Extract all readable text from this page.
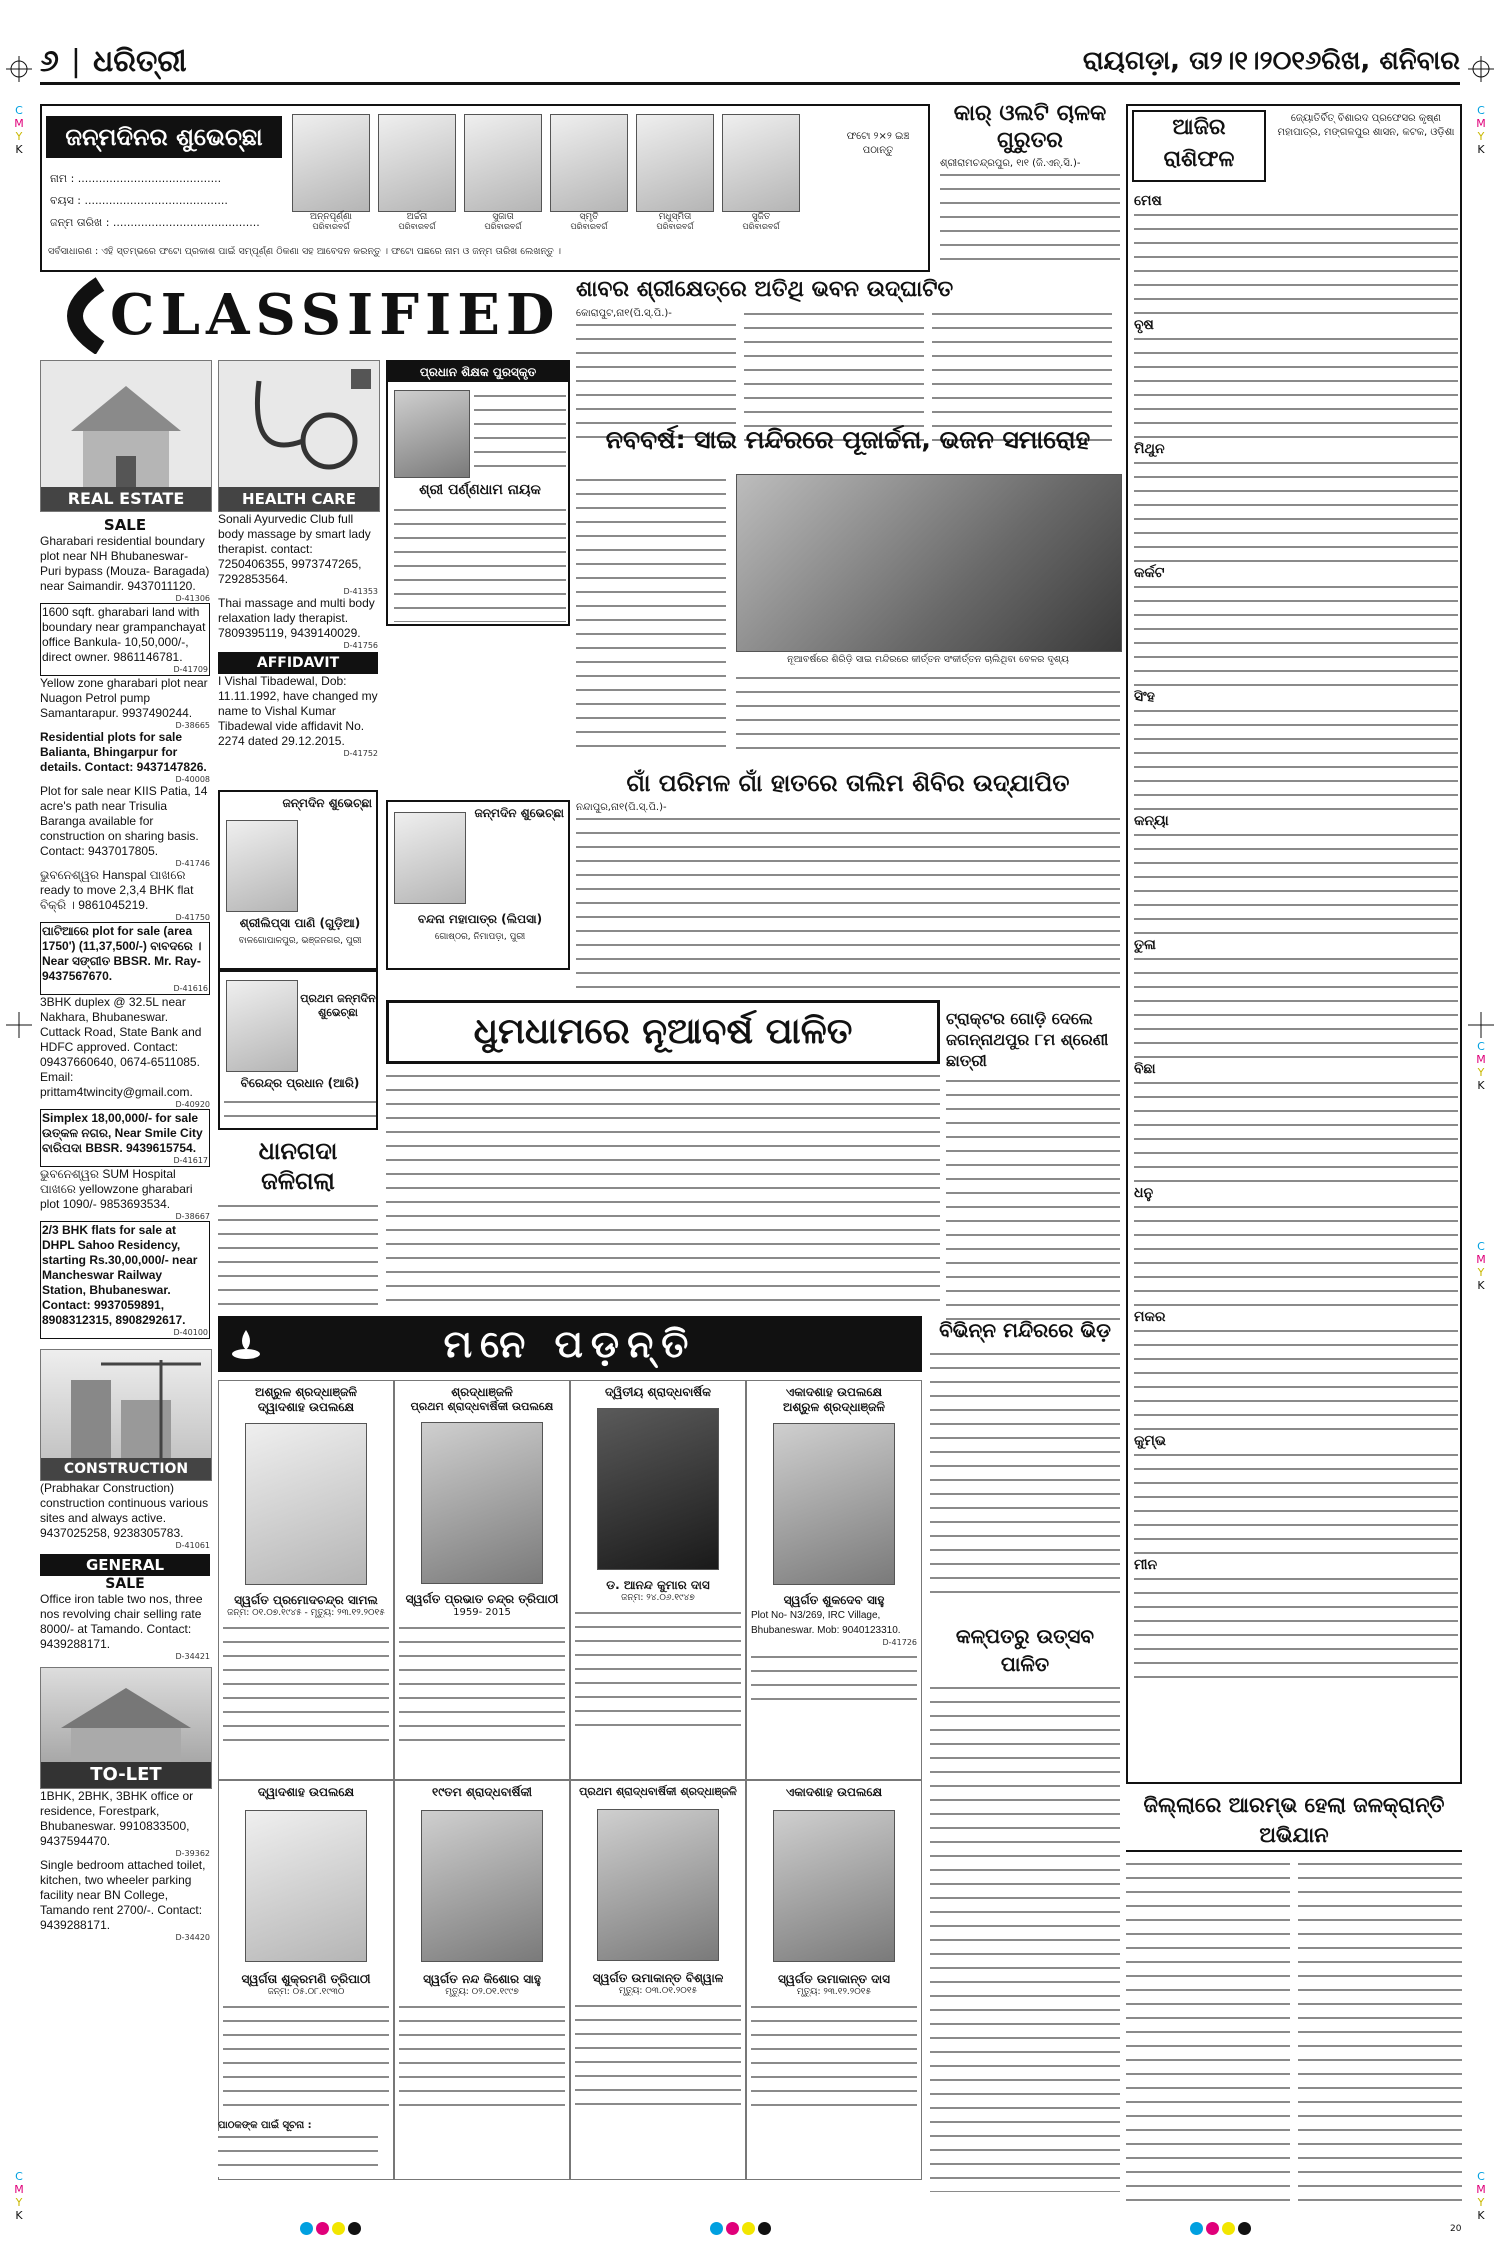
୬ | ଧରିତ୍ରୀ	ରାୟଗଡ଼ା, ତା୨।୧।୨୦୧୬ରିଖ, ଶନିବାର
C
M
Y
K
C
M
Y
K
C
M
Y
K
C
M
Y
K
C
M
Y
K
C
M
Y
K
ଜନ୍ମଦିନର ଶୁଭେଚ୍ଛା
ନାମ : .........................................
ବୟସ : .........................................
ଜନ୍ମ ତାରିଖ : ..........................................	ଅନ୍ନପୂର୍ଣ୍ଣା
ପରିବାରବର୍ଗ
ଅର୍ଚ୍ଚନା
ପରିବାରବର୍ଗ
ସୁଜାତା
ପରିବାରବର୍ଗ
ସ୍ମୃତି
ପରିବାରବର୍ଗ
ମଧୁସ୍ମିତା
ପରିବାରବର୍ଗ
ସୁଜିତ
ପରିବାରବର୍ଗ
ଫଟୋ ୨×୨ ଇଞ୍ଚ ପଠାନ୍ତୁ
ସର୍ବସାଧାରଣ : ଏହି ସ୍ତମ୍ଭରେ ଫଟୋ ପ୍ରକାଶ ପାଇଁ ସମ୍ପୂର୍ଣ୍ଣ ଠିକଣା ସହ ଆବେଦନ କରନ୍ତୁ । ଫଟୋ ପଛରେ ନାମ ଓ ଜନ୍ମ ତାରିଖ ଲେଖନ୍ତୁ ।
କାର୍ ଓଲଟି ଚାଳକ ଗୁରୁତର
ଶ୍ରୀରାମଚନ୍ଦ୍ରପୁର, ୧ା୧ (ଜି.ଏନ୍.ସି.)-
CLASSIFIED ଶାବର ଶ୍ରୀକ୍ଷେତ୍ରେ ଅତିଥି ଭବନ ଉଦ୍‌ଘାଟିତ
କୋରାପୁଟ,ନା୧(ପି.ସ୍.ପି.)-
ପ୍ରଧାନ ଶିକ୍ଷକ ପୁରସ୍କୃତ
ଶ୍ରୀ ପର୍ଣ୍ଣଧାମ ନାୟକ
REAL ESTATE
SALE
Gharabari residential boundary plot near NH Bhubaneswar- Puri bypass (Mouza- Baragada) near Saimandir. 9437011120.
D-41306
1600 sqft. gharabari land with boundary near grampanchayat office Bankula- 10,50,000/-, direct owner. 9861146781.
D-41709
Yellow zone gharabari plot near Nuagon Petrol pump Samantarapur. 9937490244.
D-38665
Residential plots for sale Balianta, Bhingarpur for details. Contact: 9437147826.
D-40008
Plot for sale near KIIS Patia, 14 acre's path near Trisulia Baranga available for construction on sharing basis. Contact: 9437017805.
D-41746
ଭୁବନେଶ୍ୱର Hanspal ପାଖରେ ready to move 2,3,4 BHK flat ବିକ୍ରି । 9861045219.
D-41750
ପାଟିଆରେ plot for sale (area 1750') (11,37,500/-) ବାବଦରେ । Near ସଙ୍ଗୀତ BBSR. Mr. Ray- 9437567670.
D-41616
3BHK duplex @ 32.5L near Nakhara, Bhubaneswar. Cuttack Road, State Bank and HDFC approved. Contact: 09437660640, 0674-6511085. Email: prittam4twincity@gmail.com.
D-40920
Simplex 18,00,000/- for sale ଉତ୍କଳ ନଗର, Near Smile City ବାରିପଦା BBSR. 9439615754.
D-41617
ଭୁବନେଶ୍ୱର SUM Hospital ପାଖରେ yellowzone gharabari plot 1090/- 9853693534.
D-38667
2/3 BHK flats for sale at DHPL Sahoo Residency, starting Rs.30,00,000/- near Mancheswar Railway Station, Bhubaneswar. Contact: 9937059891, 8908312315, 8908292617.
D-40100
CONSTRUCTION
(Prabhakar Construction) construction continuous various sites and always active. 9437025258, 9238305783.
D-41061
GENERAL
SALE
Office iron table two nos, three nos revolving chair selling rate 8000/- at Tamando. Contact: 9439288171.
D-34421
TO-LET
1BHK, 2BHK, 3BHK office or residence, Forestpark, Bhubaneswar. 9910833500, 9437594470.
D-39362
Single bedroom attached toilet, kitchen, two wheeler parking facility near BN College, Tamando rent 2700/-. Contact: 9439288171.
D-34420
HEALTH CARE
Sonali Ayurvedic Club full body massage by smart lady therapist. contact: 7250406355, 9973747265, 7292853564.
D-41353
Thai massage and multi body relaxation lady therapist. 7809395119, 9439140029.
D-41756
AFFIDAVIT
I Vishal Tibadewal, Dob: 11.11.1992, have changed my name to Vishal Kumar Tibadewal vide affidavit No. 2274 dated 29.12.2015.
D-41752
ଜନ୍ମଦିନ ଶୁଭେଚ୍ଛା
ଶ୍ରୀଲିପ୍ସା ପାଣି (ଗୁଡ଼ିଆ)
ବାଳଗୋପାଳପୁର, ଭଞ୍ଜନଗର, ପୁରୀ
ଜନ୍ମଦିନ ଶୁଭେଚ୍ଛା
ବନ୍ଦନା ମହାପାତ୍ର (ଲିପସା)
ଗୋଷ୍ଠର, ନିମାପଡ଼ା, ପୁରୀ
ପ୍ରଥମ ଜନ୍ମଦିନ ଶୁଭେଚ୍ଛା
ବିରେନ୍ଦ୍ର ପ୍ରଧାନ (ଆରି)
ନବବର୍ଷ: ସାଇ ମନ୍ଦିରରେ ପୂଜାର୍ଚ୍ଚନା, ଭଜନ ସମାରୋହ
ନୂଆବର୍ଷରେ ଶିରିଡ଼ି ସାଇ ମନ୍ଦିରରେ କୀର୍ତ୍ତନ ସଂକୀର୍ତ୍ତନ ଚାଲିଥିବା ବେଳର ଦୃଶ୍ୟ
ଗାଁ ପରିମଳ ଗାଁ ହାତରେ ତାଲିମ ଶିବିର ଉଦ୍‌ଯାପିତ
ନନ୍ଦାପୁର,ନା୧(ପି.ସ୍.ପି.)-
ଧୁମଧାମରେ ନୂଆବର୍ଷ ପାଳିତ
ଧାନଗଦା ଜଳିଗଲା
ଟ୍ରାକ୍ଟର ଗୋଡ଼ି ଦେଲେ ଜଗନ୍ନାଥପୁର ୮ମ ଶ୍ରେଣୀ ଛାତ୍ରୀ
ଆଜିର ରାଶିଫଳ
ଜ୍ୟୋତିର୍ବିତ୍ ବିଶାରଦ ପ୍ରଫେସର କୃଷ୍ଣ ମହାପାତ୍ର, ମଙ୍ଗଳପୁର ଶାସନ, କଟକ, ଓଡ଼ିଶା
ମେଷ
ବୃଷ
ମିଥୁନ
କର୍କଟ
ସିଂହ
କନ୍ୟା
ତୁଳା
ବିଛା
ଧନୁ
ମକର
କୁମ୍ଭ
ମୀନ
ମନେ ପଡ଼ନ୍ତି
ଅଶ୍ରୁଳ ଶ୍ରଦ୍ଧାଞ୍ଜଳି
ଦ୍ୱାଦଶାହ ଉପଲକ୍ଷେ
ସ୍ୱର୍ଗତ ପ୍ରମୋଦଚନ୍ଦ୍ର ସାମଲ
ଜନ୍ମ: ୦୧.୦୭.୧୯୪୫ - ମୃତ୍ୟୁ: ୨୩.୧୨.୨୦୧୫
ଶ୍ରଦ୍ଧାଞ୍ଜଳି
ପ୍ରଥମ ଶ୍ରାଦ୍ଧବାର୍ଷିକୀ ଉପଲକ୍ଷେ
ସ୍ୱର୍ଗତ ପ୍ରଭାତ ଚନ୍ଦ୍ର ତ୍ରିପାଠୀ
1959- 2015
ଦ୍ୱିତୀୟ ଶ୍ରାଦ୍ଧବାର୍ଷିକ
ଡ. ଆନନ୍ଦ କୁମାର ଦାସ
ଜନ୍ମ: ୨୪.୦୬.୧୯୪୭
ଏକାଦଶାହ ଉପଲକ୍ଷେ
ଅଶ୍ରୁଳ ଶ୍ରଦ୍ଧାଞ୍ଜଳି
ସ୍ୱର୍ଗତ ଶୁକଦେବ ସାହୁ
Plot No- N3/269, IRC Village, Bhubaneswar. Mob: 9040123310.
D-41726
ଦ୍ୱାଦଶାହ ଉପଲକ୍ଷେ
ସ୍ୱର୍ଗତା ଶୁକ୍ରମଣି ତ୍ରିପାଠୀ
ଜନ୍ମ: ୦୫.୦୮.୧୯୩୦
୧୯ତମ ଶ୍ରାଦ୍ଧବାର୍ଷିକୀ
ସ୍ୱର୍ଗତ ନନ୍ଦ କିଶୋର ସାହୁ
ମୃତ୍ୟୁ: ୦୨.୦୧.୧୯୯୭
ପ୍ରଥମ ଶ୍ରାଦ୍ଧବାର୍ଷିକୀ ଶ୍ରଦ୍ଧାଞ୍ଜଳି
ସ୍ୱର୍ଗତ ଉମାକାନ୍ତ ବିଶ୍ୱାଳ
ମୃତ୍ୟୁ: ୦୩.୦୧.୨୦୧୫
ଏକାଦଶାହ ଉପଲକ୍ଷେ
ସ୍ୱର୍ଗତ ଉମାକାନ୍ତ ଦାସ
ମୃତ୍ୟୁ: ୨୩.୧୨.୨୦୧୫
ବିଭିନ୍ନ ମନ୍ଦିରରେ ଭିଡ଼
କଳ୍ପତରୁ ଉତ୍ସବ ପାଳିତ
ଜିଲ୍ଲାରେ ଆରମ୍ଭ ହେଲା ଜଳକ୍ରାନ୍ତି ଅଭିଯାନ
ପାଠକଙ୍କ ପାଇଁ ସୂଚନା :
20
